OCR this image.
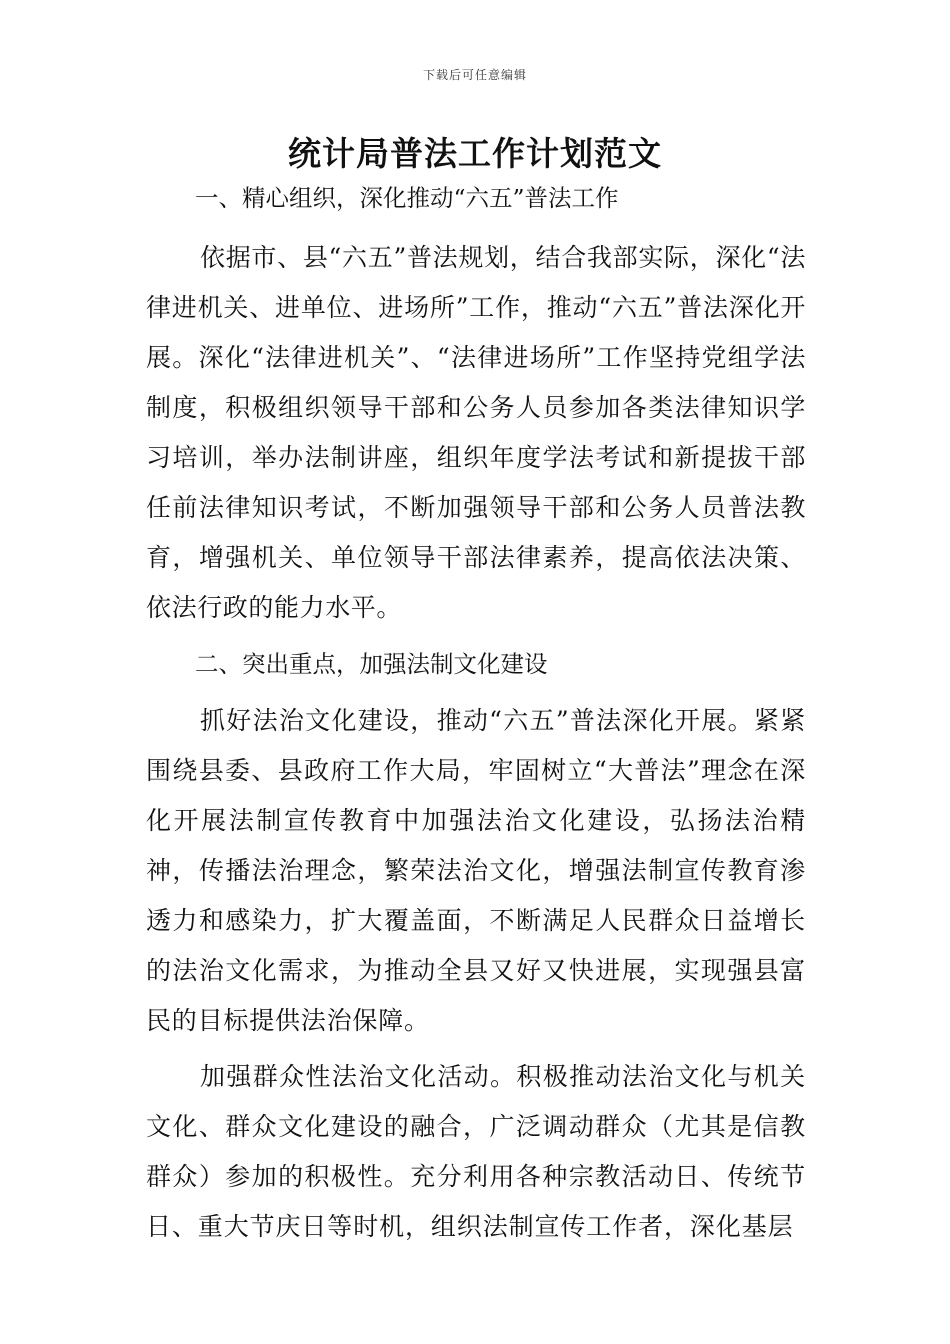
下载后可任意编辑
统计局普法工作计划范文

一、精心组织，深化推动“六五”普法工作

依据市、县“六五”普法规划，结合我部实际，深化“法律进机关、进单位、进场所”工作，推动“六五”普法深化开展。深化“法律进机关”、“法律进场所”工作坚持党组学法制度，积极组织领导干部和公务人员参加各类法律知识学习培训，举办法制讲座，组织年度学法考试和新提拔干部任前法律知识考试，不断加强领导干部和公务人员普法教育，增强机关、单位领导干部法律素养，提高依法决策、依法行政的能力水平。

二、突出重点，加强法制文化建设

抓好法治文化建设，推动“六五”普法深化开展。紧紧围绕县委、县政府工作大局，牢固树立“大普法”理念在深化开展法制宣传教育中加强法治文化建设，弘扬法治精神，传播法治理念，繁荣法治文化，增强法制宣传教育渗透力和感染力，扩大覆盖面，不断满足人民群众日益增长的法治文化需求，为推动全县又好又快进展，实现强县富民的目标提供法治保障。

加强群众性法治文化活动。积极推动法治文化与机关文化、群众文化建设的融合，广泛调动群众（尤其是信教群众）参加的积极性。充分利用各种宗教活动日、传统节日、重大节庆日等时机，组织法制宣传工作者，深化基层
